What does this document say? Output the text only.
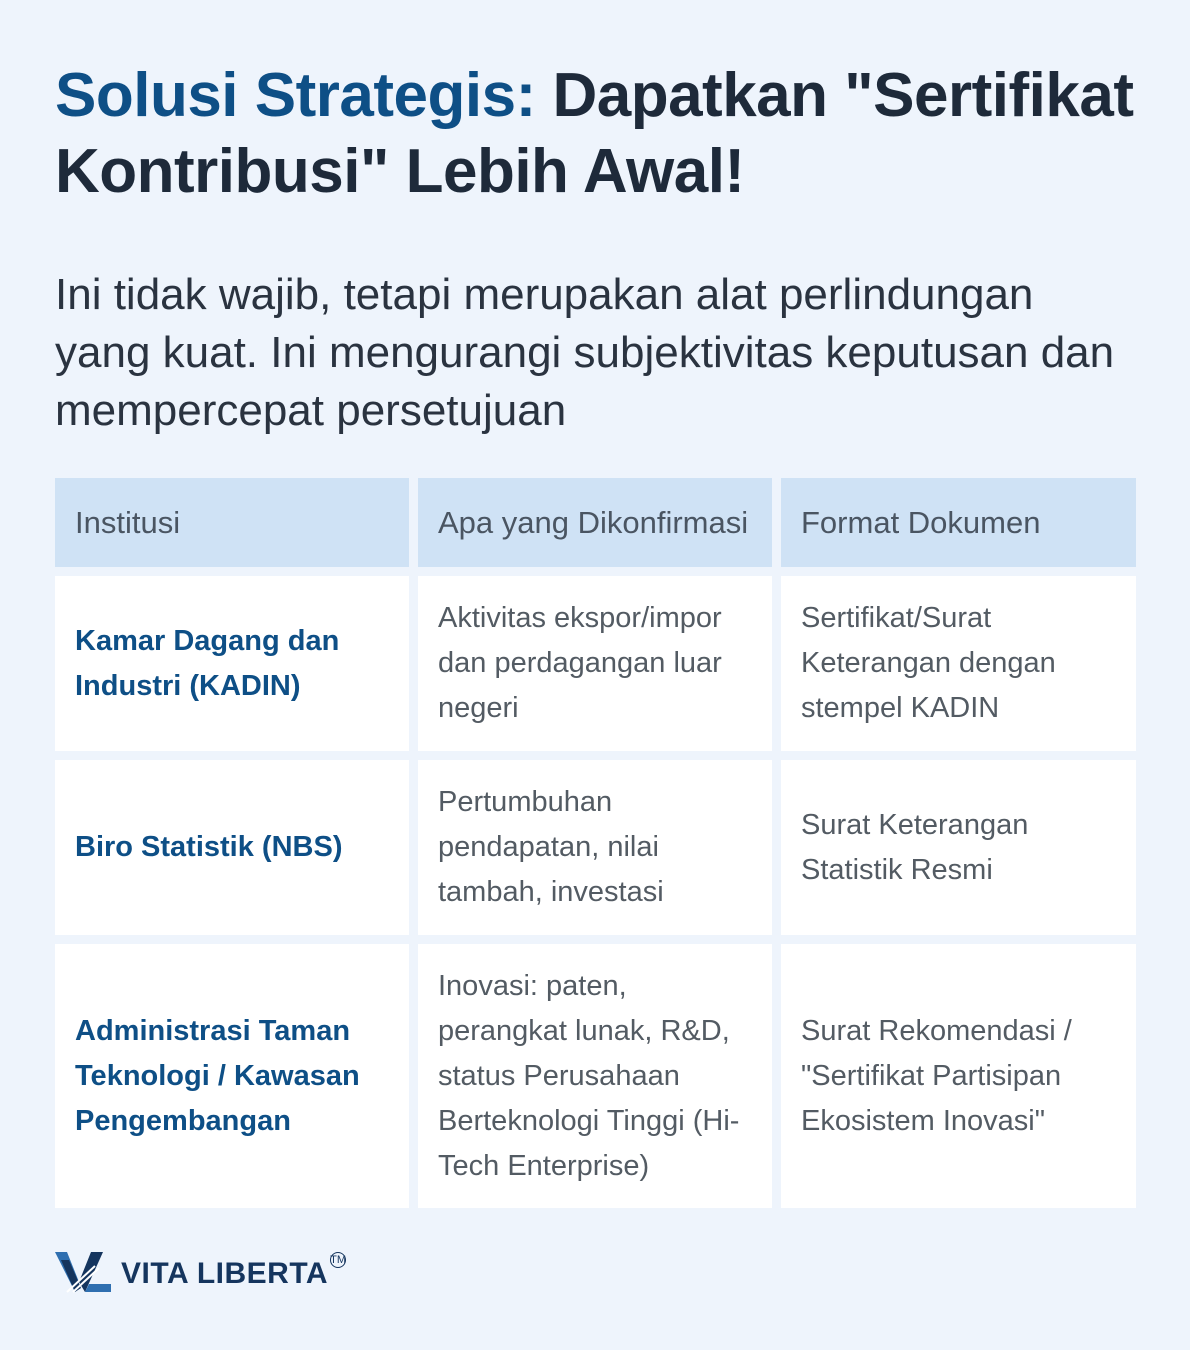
Solusi Strategis: Dapatkan "Sertifikat Kontribusi" Lebih Awal!

Ini tidak wajib, tetapi merupakan alat perlindungan yang kuat. Ini mengurangi subjektivitas keputusan dan mempercepat persetujuan

Institusi	Apa yang Dikonfirmasi	Format Dokumen
Kamar Dagang dan Industri (KADIN)
Aktivitas ekspor/impor dan perdagangan luar negeri
Sertifikat/Surat Keterangan dengan stempel KADIN
Biro Statistik (NBS)
Pertumbuhan pendapatan, nilai tambah, investasi
Surat Keterangan Statistik Resmi
Administrasi Taman Teknologi / Kawasan Pengembangan
Inovasi: paten, perangkat lunak, R&D, status Perusahaan Berteknologi Tinggi (Hi-Tech Enterprise)
Surat Rekomendasi / "Sertifikat Partisipan Ekosistem Inovasi"
VITA LIBERTA TM
